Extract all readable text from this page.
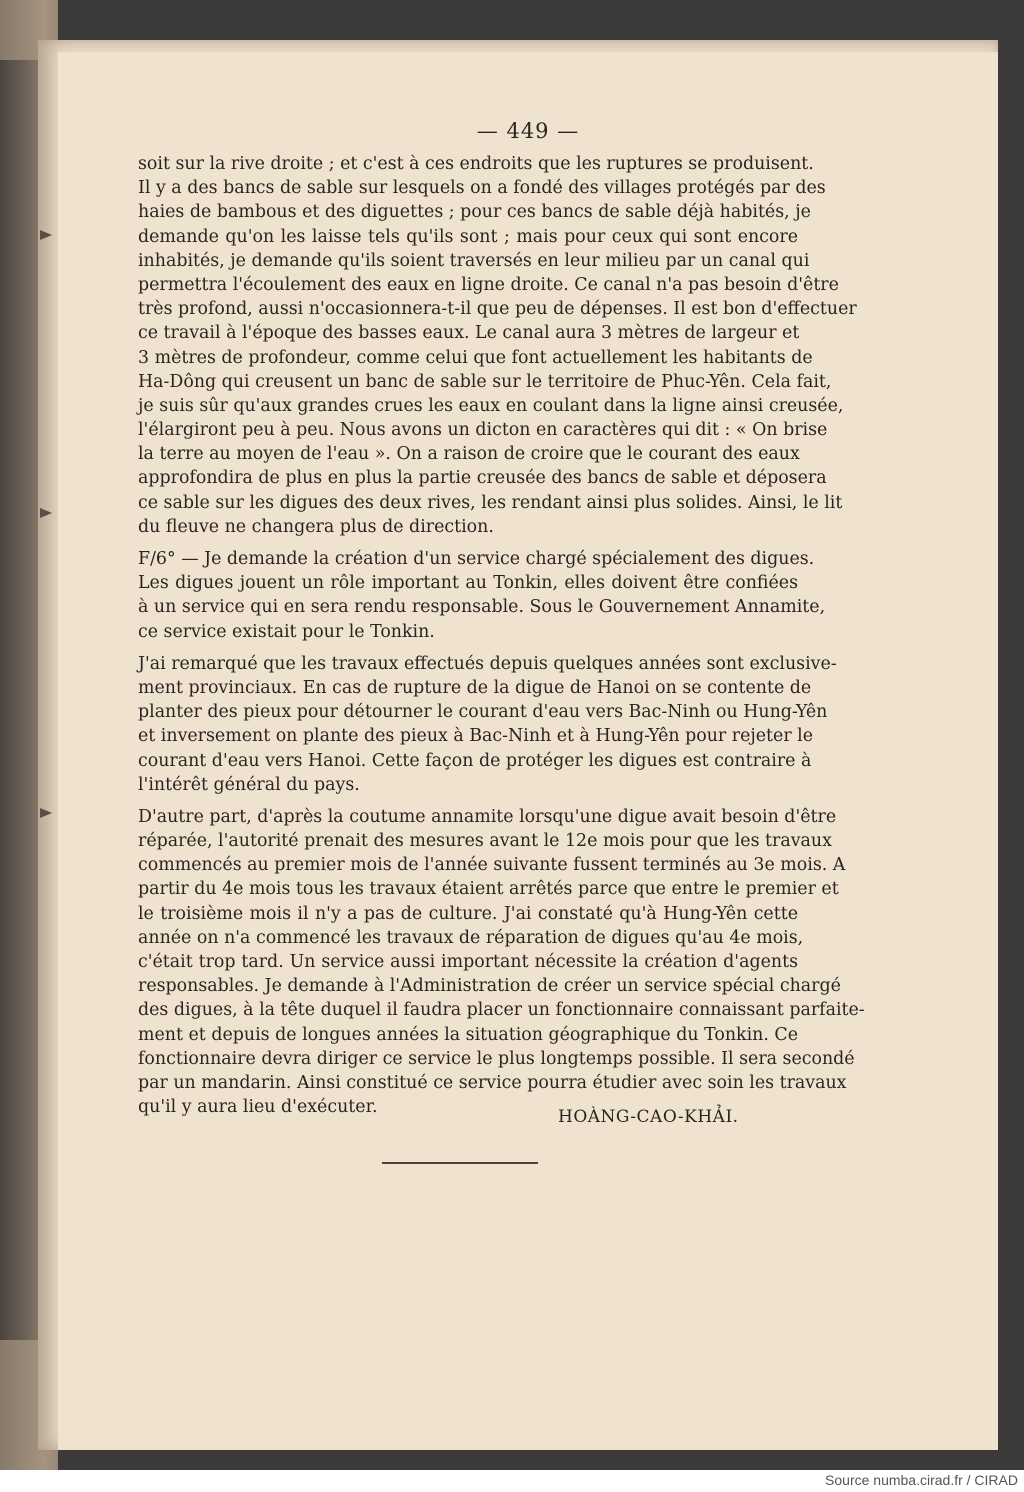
— 449 —
soit sur la rive droite ; et c'est à ces endroits que les ruptures se produisent.
Il y a des bancs de sable sur lesquels on a fondé des villages protégés par des
haies de bambous et des diguettes ; pour ces bancs de sable déjà habités, je
demande qu'on les laisse tels qu'ils sont ; mais pour ceux qui sont encore
inhabités, je demande qu'ils soient traversés en leur milieu par un canal qui
permettra l'écoulement des eaux en ligne droite. Ce canal n'a pas besoin d'être
très profond, aussi n'occasionnera-t-il que peu de dépenses. Il est bon d'effectuer
ce travail à l'époque des basses eaux. Le canal aura 3 mètres de largeur et
3 mètres de profondeur, comme celui que font actuellement les habitants de
Ha-Dông qui creusent un banc de sable sur le territoire de Phuc-Yên. Cela fait,
je suis sûr qu'aux grandes crues les eaux en coulant dans la ligne ainsi creusée,
l'élargiront peu à peu. Nous avons un dicton en caractères qui dit : « On brise
la terre au moyen de l'eau ». On a raison de croire que le courant des eaux
approfondira de plus en plus la partie creusée des bancs de sable et déposera
ce sable sur les digues des deux rives, les rendant ainsi plus solides. Ainsi, le lit
du fleuve ne changera plus de direction.
F/6° — Je demande la création d'un service chargé spécialement des digues.
Les digues jouent un rôle important au Tonkin, elles doivent être confiées
à un service qui en sera rendu responsable. Sous le Gouvernement Annamite,
ce service existait pour le Tonkin.
J'ai remarqué que les travaux effectués depuis quelques années sont exclusive-
ment provinciaux. En cas de rupture de la digue de Hanoi on se contente de
planter des pieux pour détourner le courant d'eau vers Bac-Ninh ou Hung-Yên
et inversement on plante des pieux à Bac-Ninh et à Hung-Yên pour rejeter le
courant d'eau vers Hanoi. Cette façon de protéger les digues est contraire à
l'intérêt général du pays.
D'autre part, d'après la coutume annamite lorsqu'une digue avait besoin d'être
réparée, l'autorité prenait des mesures avant le 12e mois pour que les travaux
commencés au premier mois de l'année suivante fussent terminés au 3e mois. A
partir du 4e mois tous les travaux étaient arrêtés parce que entre le premier et
le troisième mois il n'y a pas de culture. J'ai constaté qu'à Hung-Yên cette
année on n'a commencé les travaux de réparation de digues qu'au 4e mois,
c'était trop tard. Un service aussi important nécessite la création d'agents
responsables. Je demande à l'Administration de créer un service spécial chargé
des digues, à la tête duquel il faudra placer un fonctionnaire connaissant parfaite-
ment et depuis de longues années la situation géographique du Tonkin. Ce
fonctionnaire devra diriger ce service le plus longtemps possible. Il sera secondé
par un mandarin. Ainsi constitué ce service pourra étudier avec soin les travaux
qu'il y aura lieu d'exécuter.	HOÀNG-CAO-KHẢI.
Source numba.cirad.fr / CIRAD
